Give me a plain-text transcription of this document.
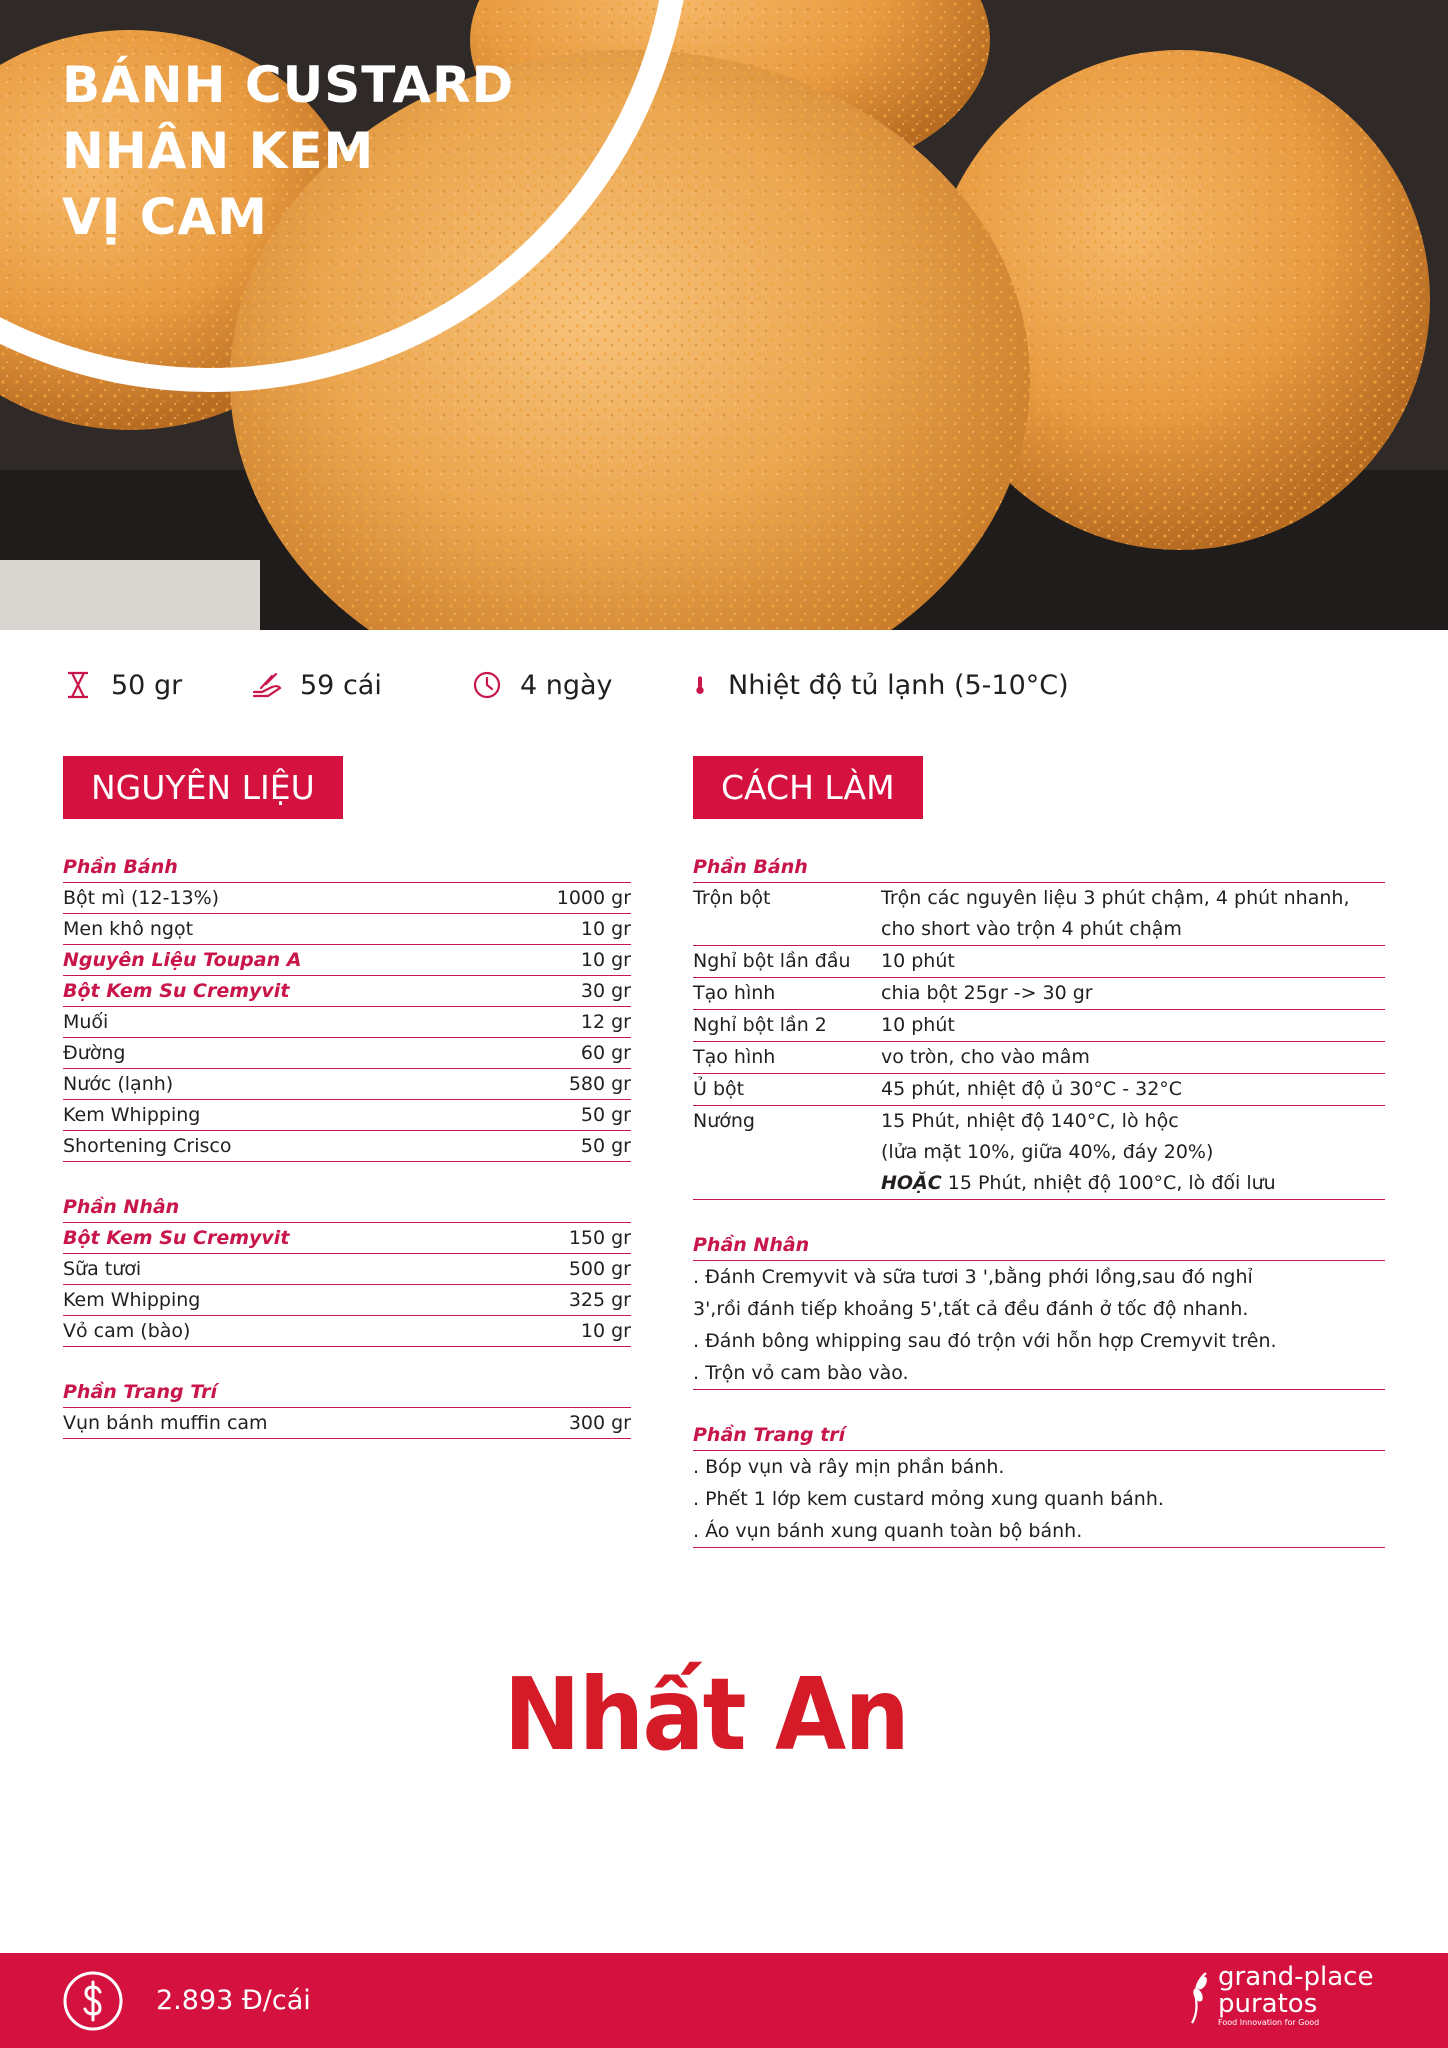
BÁNH CUSTARD
NHÂN KEM
VỊ CAM
50 gr	59 cái	4 ngày	Nhiệt độ tủ lạnh (5-10°C)
NGUYÊN LIỆU	CÁCH LÀM
Phần Bánh
Bột mì (12-13%)	1000 gr
Men khô ngọt	10 gr
Nguyên Liệu Toupan A	10 gr
Bột Kem Su Cremyvit	30 gr
Muối	12 gr
Đường	60 gr
Nước (lạnh)	580 gr
Kem Whipping	50 gr
Shortening Crisco	50 gr
Phần Nhân
Bột Kem Su Cremyvit	150 gr
Sữa tươi	500 gr
Kem Whipping	325 gr
Vỏ cam (bào)	10 gr
Phần Trang Trí
Vụn bánh muffin cam	300 gr
Phần Bánh
Trộn bột	Trộn các nguyên liệu 3 phút chậm, 4 phút nhanh,
cho short vào trộn 4 phút chậm
Nghỉ bột lần đầu	10 phút
Tạo hình	chia bột 25gr -> 30 gr
Nghỉ bột lần 2	10 phút
Tạo hình	vo tròn, cho vào mâm
Ủ bột	45 phút, nhiệt độ ủ 30°C - 32°C
Nướng	15 Phút, nhiệt độ 140°C, lò hộc
(lửa mặt 10%, giữa 40%, đáy 20%)
HOẶC 15 Phút, nhiệt độ 100°C, lò đối lưu
Phần Nhân
. Đánh Cremyvit và sữa tươi 3 ',bằng phới lồng,sau đó nghỉ
3',rồi đánh tiếp khoảng 5',tất cả đều đánh ở tốc độ nhanh.
. Đánh bông whipping sau đó trộn với hỗn hợp Cremyvit trên.
. Trộn vỏ cam bào vào.
Phần Trang trí
. Bóp vụn và rây mịn phần bánh.
. Phết 1 lớp kem custard mỏng xung quanh bánh.
. Áo vụn bánh xung quanh toàn bộ bánh.
Nhất An
2.893 Đ/cái
grand-place
puratos
Food Innovation for Good
